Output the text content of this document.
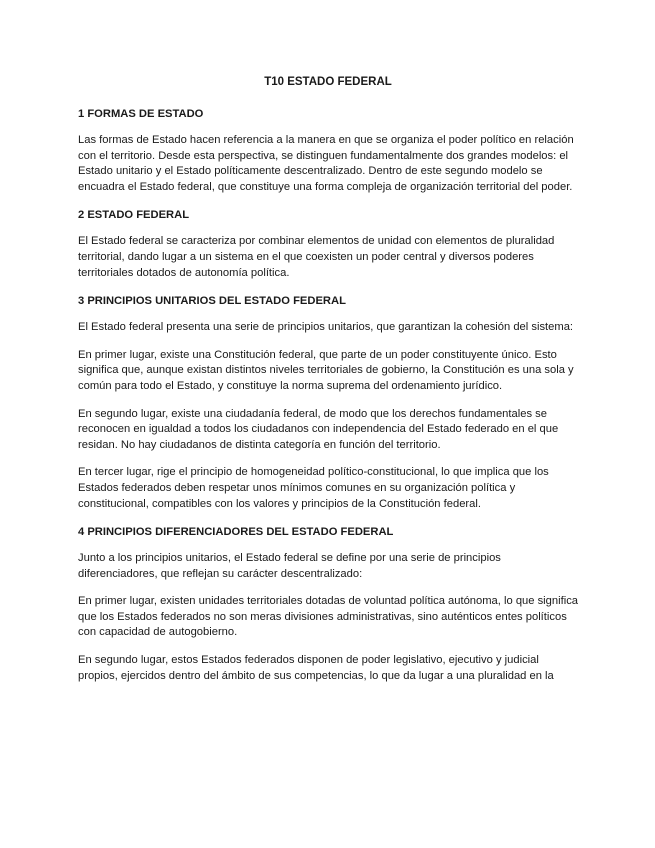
T10 ESTADO FEDERAL
1 FORMAS DE ESTADO

Las formas de Estado hacen referencia a la manera en que se organiza el poder político en relación con el territorio. Desde esta perspectiva, se distinguen fundamentalmente dos grandes modelos: el Estado unitario y el Estado políticamente descentralizado. Dentro de este segundo modelo se encuadra el Estado federal, que constituye una forma compleja de organización territorial del poder.

2 ESTADO FEDERAL

El Estado federal se caracteriza por combinar elementos de unidad con elementos de pluralidad territorial, dando lugar a un sistema en el que coexisten un poder central y diversos poderes territoriales dotados de autonomía política.

3 PRINCIPIOS UNITARIOS DEL ESTADO FEDERAL

El Estado federal presenta una serie de principios unitarios, que garantizan la cohesión del sistema:

En primer lugar, existe una Constitución federal, que parte de un poder constituyente único. Esto significa que, aunque existan distintos niveles territoriales de gobierno, la Constitución es una sola y común para todo el Estado, y constituye la norma suprema del ordenamiento jurídico.

En segundo lugar, existe una ciudadanía federal, de modo que los derechos fundamentales se reconocen en igualdad a todos los ciudadanos con independencia del Estado federado en el que residan. No hay ciudadanos de distinta categoría en función del territorio.

En tercer lugar, rige el principio de homogeneidad político-constitucional, lo que implica que los Estados federados deben respetar unos mínimos comunes en su organización política y constitucional, compatibles con los valores y principios de la Constitución federal.

4 PRINCIPIOS DIFERENCIADORES DEL ESTADO FEDERAL

Junto a los principios unitarios, el Estado federal se define por una serie de principios diferenciadores, que reflejan su carácter descentralizado:

En primer lugar, existen unidades territoriales dotadas de voluntad política autónoma, lo que significa que los Estados federados no son meras divisiones administrativas, sino auténticos entes políticos con capacidad de autogobierno.

En segundo lugar, estos Estados federados disponen de poder legislativo, ejecutivo y judicial propios, ejercidos dentro del ámbito de sus competencias, lo que da lugar a una pluralidad en la
